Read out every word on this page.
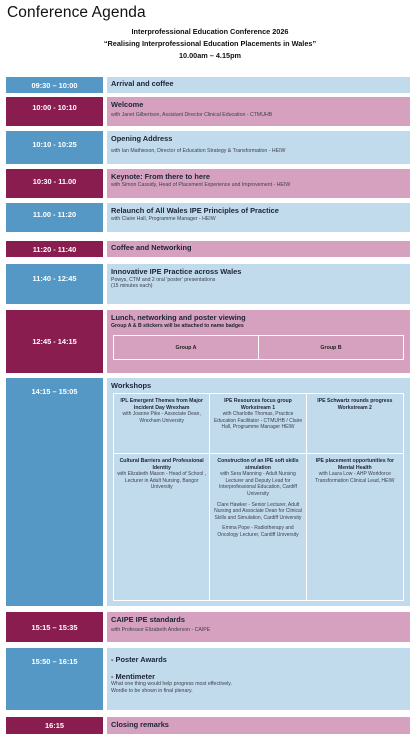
Conference Agenda
Interprofessional Education Conference 2026
“Realising Interprofessional Education Placements in Wales”
10.00am – 4.15pm
09:30 – 10:00	Arrival and coffee
10:00 - 10:10	Welcome
with Janet Gilbertson, Assistant Director Clinical Education - CTMUHB
10:10 - 10:25
Opening Address
with Ian Mathieson, Director of Education Strategy & Transformation - HEIW
10:30 - 11.00
Keynote: From there to here
with Simon Cassidy, Head of Placement Experience and Improvement - HEIW
11.00 - 11:20	Relaunch of All Wales IPE Principles of Practice
with Claire Hall, Programme Manager - HEIW
11:20 - 11:40	Coffee and Networking
11:40 - 12:45
Innovative IPE Practice across Wales
Powys, CTM and 2 oral 'poster' presentations
(15 minutes each)
12:45 - 14:15
Lunch, networking and poster viewing
Group A & B stickers will be attached to name badges
Group A	Group B
14:15 – 15:05
Workshops
IPL Emergent Themes from Major Incident Day Wrexham
with Joanne Pike - Associate Dean, Wrexham University
IPE Resources focus group Workstream 1
with Charlotte Thomas, Practice Education Facilitator - CTMUHB / Claire Hall, Programme Manager HEIW
IPE Schwartz rounds progress Workstream 2
Cultural Barriers and Professional Identity
with Elizabeth Mason - Head of School , Lecturer in Adult Nursing, Bangor University
Construction of an IPE soft skills simulation
with Sera Manning - Adult Nursing Lecturer and Deputy Lead for Interprofessional Education, Cardiff University
Clare Hawker - Senior Lecturer, Adult Nursing and Associate Dean for Clinical Skills and Simulation, Cardiff University
Emma Pope - Radiotherapy and Oncology Lecturer, Cardiff University
IPE placement opportunities for Mental Health
with Laura Low - AHP Workforce Transformation Clinical Lead, HEIW
15:15 – 15:35
CAIPE IPE standards
with Professor Elizabeth Anderson - CAIPE
15:50 – 16:15	- Poster Awards
- Mentimeter
What one thing would help progress most effectively.
Wordle to be shown in final plenary.
16:15	Closing remarks
